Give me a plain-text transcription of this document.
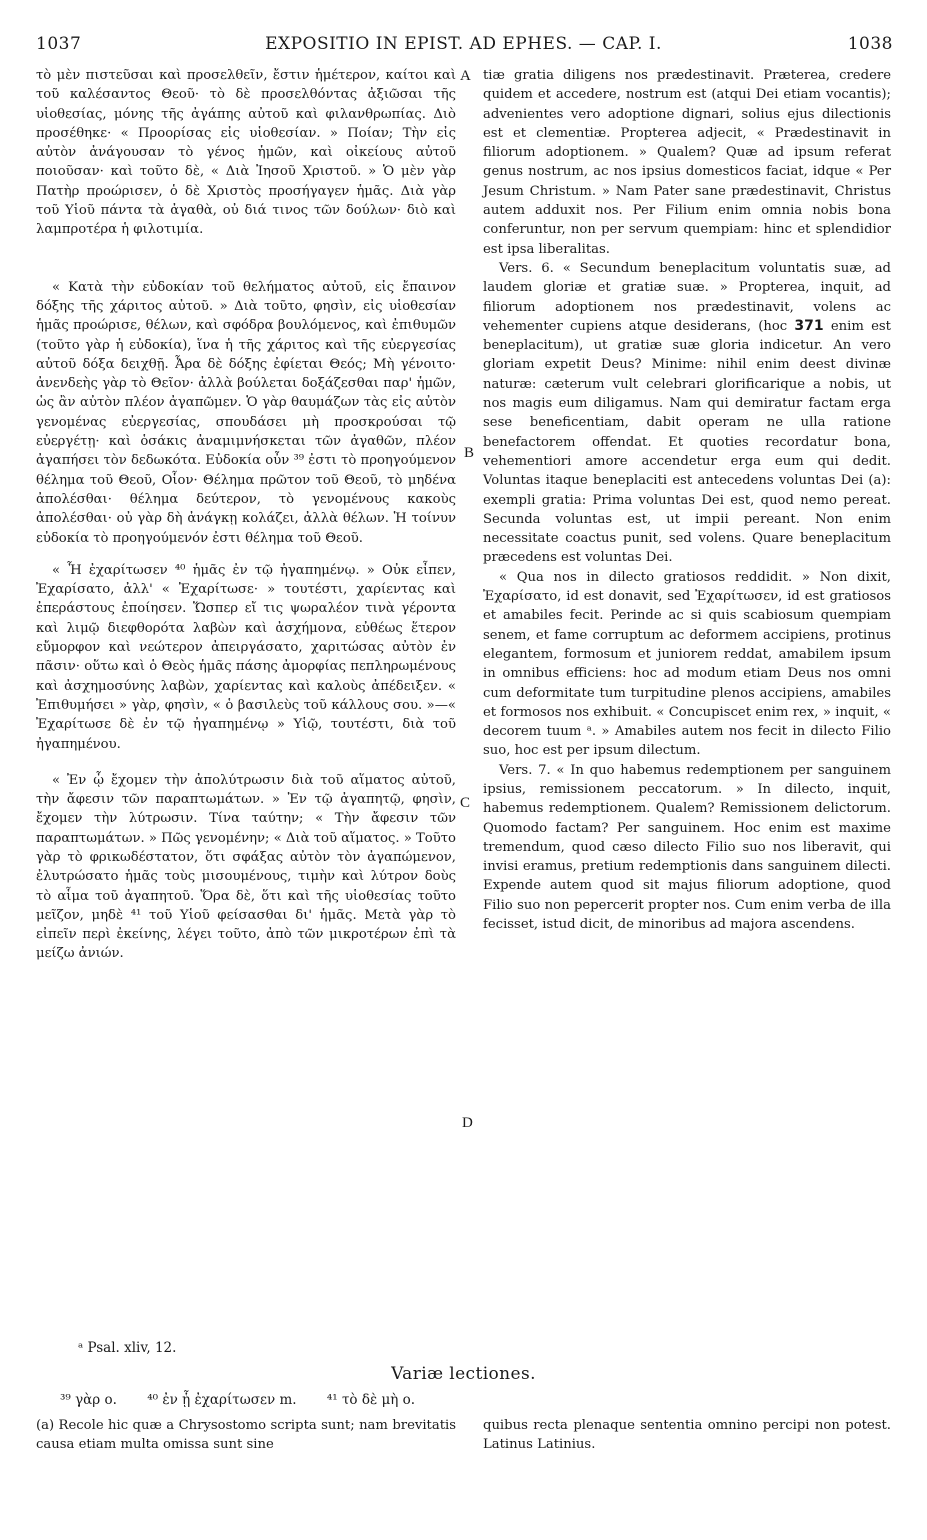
1037	EXPOSITIO IN EPIST. AD EPHES. — CAP. I.	1038

τὸ μὲν πιστεῦσαι καὶ προσελθεῖν, ἔστιν ἡμέτερον, καίτοι καὶ τοῦ καλέσαντος Θεοῦ· τὸ δὲ προσελθόντας ἀξιῶσαι τῆς υἱοθεσίας, μόνης τῆς ἀγάπης αὐτοῦ καὶ φιλανθρωπίας. Διὸ προσέθηκε· « Προορίσας εἰς υἱοθεσίαν. » Ποίαν; Τὴν εἰς αὐτὸν ἀνάγουσαν τὸ γένος ἡμῶν, καὶ οἰκείους αὐτοῦ ποιοῦσαν· καὶ τοῦτο δὲ, « Διὰ Ἰησοῦ Χριστοῦ. » Ὁ μὲν γὰρ Πατὴρ προώρισεν, ὁ δὲ Χριστὸς προσήγαγεν ἡμᾶς. Διὰ γὰρ τοῦ Υἱοῦ πάντα τὰ ἀγαθὰ, οὐ διά τινος τῶν δούλων· διὸ καὶ λαμπροτέρα ἡ φιλοτιμία.

« Κατὰ τὴν εὐδοκίαν τοῦ θελήματος αὐτοῦ, εἰς ἔπαινον δόξης τῆς χάριτος αὐτοῦ. » Διὰ τοῦτο, φησὶν, εἰς υἱοθεσίαν ἡμᾶς προώρισε, θέλων, καὶ σφόδρα βουλόμενος, καὶ ἐπιθυμῶν (τοῦτο γὰρ ἡ εὐδοκία), ἵνα ἡ τῆς χάριτος καὶ τῆς εὐεργεσίας αὐτοῦ δόξα δειχθῇ. Ἆρα δὲ δόξης ἐφίεται Θεός; Μὴ γένοιτο· ἀνενδεὴς γὰρ τὸ Θεῖον· ἀλλὰ βούλεται δοξάζεσθαι παρ' ἡμῶν, ὡς ἂν αὐτὸν πλέον ἀγαπῶμεν. Ὁ γὰρ θαυμάζων τὰς εἰς αὐτὸν γενομένας εὐεργεσίας, σπουδάσει μὴ προσκρούσαι τῷ εὐεργέτῃ· καὶ ὁσάκις ἀναμιμνήσκεται τῶν ἀγαθῶν, πλέον ἀγαπήσει τὸν δεδωκότα. Εὐδοκία οὖν ³⁹ ἐστι τὸ προηγούμενον θέλημα τοῦ Θεοῦ, Οἷον· Θέλημα πρῶτον τοῦ Θεοῦ, τὸ μηδένα ἀπολέσθαι· θέλημα δεύτερον, τὸ γενομένους κακοὺς ἀπολέσθαι· οὐ γὰρ δὴ ἀνάγκῃ κολάζει, ἀλλὰ θέλων. Ἡ τοίνυν εὐδοκία τὸ προηγούμενόν ἐστι θέλημα τοῦ Θεοῦ.

« Ἧ ἐχαρίτωσεν ⁴⁰ ἡμᾶς ἐν τῷ ἠγαπημένῳ. » Οὐκ εἶπεν, Ἐχαρίσατο, ἀλλ' « Ἐχαρίτωσε· » τουτέστι, χαρίεντας καὶ ἐπεράστους ἐποίησεν. Ὥσπερ εἴ τις ψωραλέον τινὰ γέροντα καὶ λιμῷ διεφθορότα λαβὼν καὶ ἀσχήμονα, εὐθέως ἕτερον εὔμορφον καὶ νεώτερον ἀπειργάσατο, χαριτώσας αὐτὸν ἐν πᾶσιν· οὕτω καὶ ὁ Θεὸς ἡμᾶς πάσης ἀμορφίας πεπληρωμένους καὶ ἀσχημοσύνης λαβὼν, χαρίεντας καὶ καλοὺς ἀπέδειξεν. « Ἐπιθυμήσει » γὰρ, φησὶν, « ὁ βασιλεὺς τοῦ κάλλους σου. »—« Ἐχαρίτωσε δὲ ἐν τῷ ἠγαπημένῳ » Υἱῷ, τουτέστι, διὰ τοῦ ἠγαπημένου.

« Ἐν ᾧ ἔχομεν τὴν ἀπολύτρωσιν διὰ τοῦ αἵματος αὐτοῦ, τὴν ἄφεσιν τῶν παραπτωμάτων. » Ἐν τῷ ἀγαπητῷ, φησὶν, ἔχομεν τὴν λύτρωσιν. Τίνα ταύτην; « Τὴν ἄφεσιν τῶν παραπτωμάτων. » Πῶς γενομένην; « Διὰ τοῦ αἵματος. » Τοῦτο γὰρ τὸ φρικωδέστατον, ὅτι σφάξας αὐτὸν τὸν ἀγαπώμενον, ἐλυτρώσατο ἡμᾶς τοὺς μισουμένους, τιμὴν καὶ λύτρον δοὺς τὸ αἷμα τοῦ ἀγαπητοῦ. Ὅρα δὲ, ὅτι καὶ τῆς υἱοθεσίας τοῦτο μεῖζον, μηδὲ ⁴¹ τοῦ Υἱοῦ φείσασθαι δι' ἡμᾶς. Μετὰ γὰρ τὸ εἰπεῖν περὶ ἐκείνης, λέγει τοῦτο, ἀπὸ τῶν μικροτέρων ἐπὶ τὰ μείζω ἀνιών.

A
B
C
D

tiæ gratia diligens nos prædestinavit. Præterea, credere quidem et accedere, nostrum est (atqui Dei etiam vocantis); advenientes vero adoptione dignari, solius ejus dilectionis est et clementiæ. Propterea adjecit, « Prædestinavit in filiorum adoptionem. » Qualem? Quæ ad ipsum referat genus nostrum, ac nos ipsius domesticos faciat, idque « Per Jesum Christum. » Nam Pater sane prædestinavit, Christus autem adduxit nos. Per Filium enim omnia nobis bona conferuntur, non per servum quempiam: hinc et splendidior est ipsa liberalitas.

Vers. 6. « Secundum beneplacitum voluntatis suæ, ad laudem gloriæ et gratiæ suæ. » Propterea, inquit, ad filiorum adoptionem nos prædestinavit, volens ac vehementer cupiens atque desiderans, (hoc 371 enim est beneplacitum), ut gratiæ suæ gloria indicetur. An vero gloriam expetit Deus? Minime: nihil enim deest divinæ naturæ: cæterum vult celebrari glorificarique a nobis, ut nos magis eum diligamus. Nam qui demiratur factam erga sese beneficentiam, dabit operam ne ulla ratione benefactorem offendat. Et quoties recordatur bona, vehementiori amore accendetur erga eum qui dedit. Voluntas itaque beneplaciti est antecedens voluntas Dei (a): exempli gratia: Prima voluntas Dei est, quod nemo pereat. Secunda voluntas est, ut impii pereant. Non enim necessitate coactus punit, sed volens. Quare beneplacitum præcedens est voluntas Dei.

« Qua nos in dilecto gratiosos reddidit. » Non dixit, Ἐχαρίσατο, id est donavit, sed Ἐχαρίτωσεν, id est gratiosos et amabiles fecit. Perinde ac si quis scabiosum quempiam senem, et fame corruptum ac deformem accipiens, protinus elegantem, formosum et juniorem reddat, amabilem ipsum in omnibus efficiens: hoc ad modum etiam Deus nos omni cum deformitate tum turpitudine plenos accipiens, amabiles et formosos nos exhibuit. « Concupiscet enim rex, » inquit, « decorem tuum ᵃ. » Amabiles autem nos fecit in dilecto Filio suo, hoc est per ipsum dilectum.

Vers. 7. « In quo habemus redemptionem per sanguinem ipsius, remissionem peccatorum. » In dilecto, inquit, habemus redemptionem. Qualem? Remissionem delictorum. Quomodo factam? Per sanguinem. Hoc enim est maxime tremendum, quod cæso dilecto Filio suo nos liberavit, qui invisi eramus, pretium redemptionis dans sanguinem dilecti. Expende autem quod sit majus filiorum adoptione, quod Filio suo non pepercerit propter nos. Cum enim verba de illa fecisset, istud dicit, de minoribus ad majora ascendens.

ᵃ Psal. xliv, 12.
Variæ lectiones.
³⁹ γὰρ ο. ⁴⁰ ἐν ᾗ ἐχαρίτωσεν m. ⁴¹ τὸ δὲ μὴ ο.
(a) Recole hic quæ a Chrysostomo scripta sunt; nam brevitatis causa etiam multa omissa sunt sine
quibus recta plenaque sententia omnino percipi non potest. Latinus Latinius.
